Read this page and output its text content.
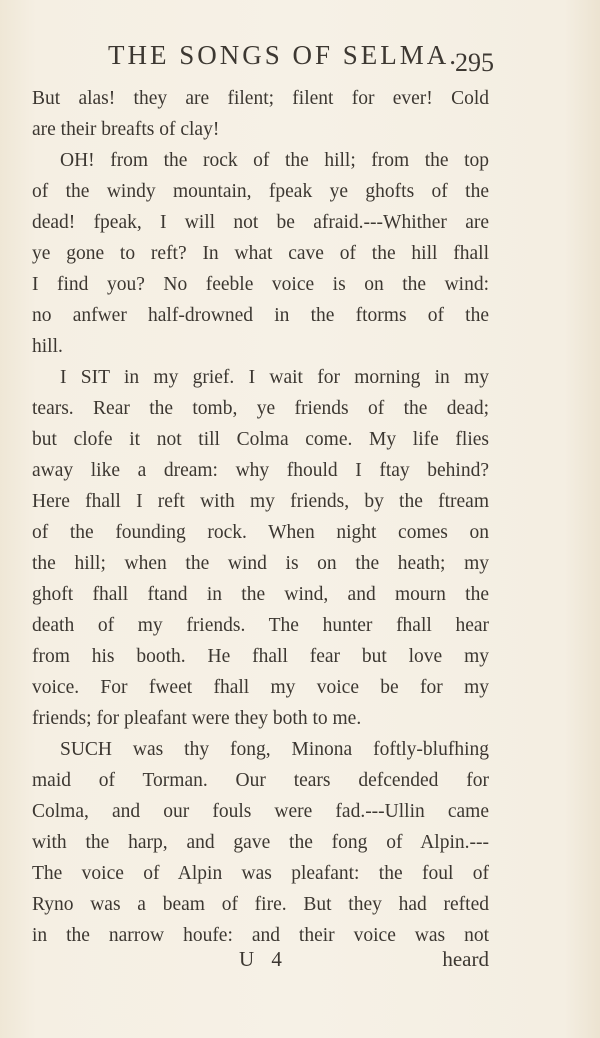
THE SONGS OF SELMA.
295
But alas! they are filent; filent for ever! Cold
are their breafts of clay!
OH! from the rock of the hill; from the top
of the windy mountain, fpeak ye ghofts of the
dead! fpeak, I will not be afraid.---Whither are
ye gone to reft? In what cave of the hill fhall
I find you? No feeble voice is on the wind:
no anfwer half-drowned in the ftorms of the
hill.
I SIT in my grief. I wait for morning in my
tears. Rear the tomb, ye friends of the dead;
but clofe it not till Colma come. My life flies
away like a dream: why fhould I ftay behind?
Here fhall I reft with my friends, by the ftream
of the founding rock. When night comes on
the hill; when the wind is on the heath; my
ghoft fhall ftand in the wind, and mourn the
death of my friends. The hunter fhall hear
from his booth. He fhall fear but love my
voice. For fweet fhall my voice be for my
friends; for pleafant were they both to me.
SUCH was thy fong, Minona foftly-blufhing
maid of Torman. Our tears defcended for
Colma, and our fouls were fad.---Ullin came
with the harp, and gave the fong of Alpin.---
The voice of Alpin was pleafant: the foul of
Ryno was a beam of fire. But they had refted
in the narrow houfe: and their voice was not
U 4	heard
